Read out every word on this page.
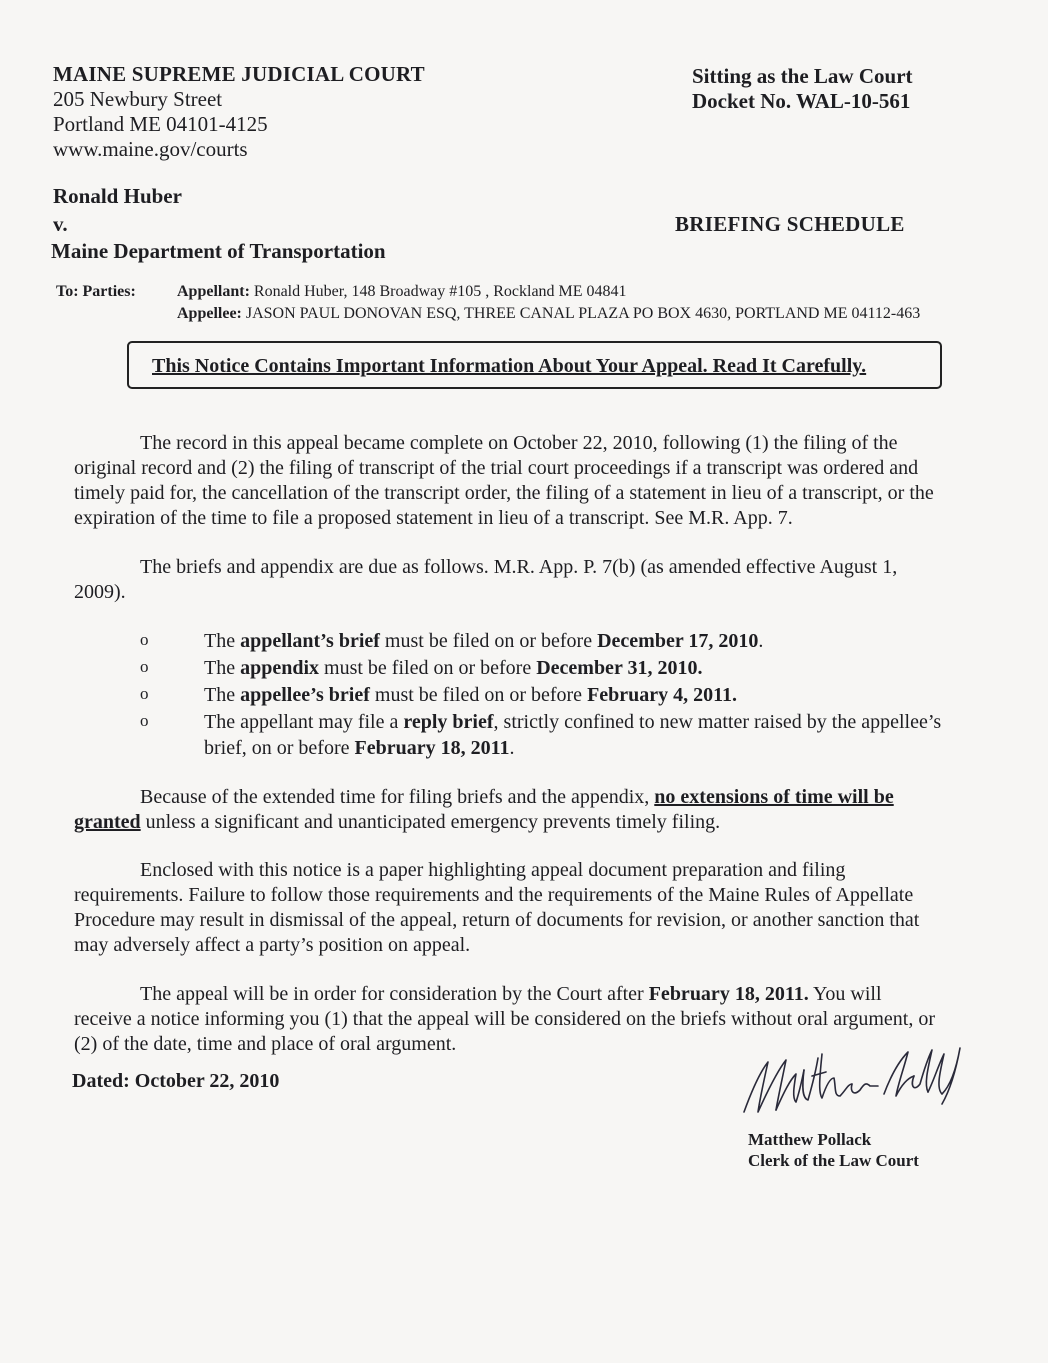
MAINE SUPREME JUDICIAL COURT
205 Newbury Street
Portland ME 04101-4125
www.maine.gov/courts
Sitting as the Law Court
Docket No. WAL-10-561
Ronald Huber
v.
Maine Department of Transportation
BRIEFING SCHEDULE
To: Parties:	Appellant: Ronald Huber, 148 Broadway #105 , Rockland ME 04841
Appellee: JASON PAUL DONOVAN ESQ, THREE CANAL PLAZA PO BOX 4630, PORTLAND ME 04112-463
This Notice Contains Important Information About Your Appeal. Read It Carefully.
The record in this appeal became complete on October 22, 2010, following (1) the filing of the
original record and (2) the filing of transcript of the trial court proceedings if a transcript was ordered and
timely paid for, the cancellation of the transcript order, the filing of a statement in lieu of a transcript, or the
expiration of the time to file a proposed statement in lieu of a transcript. See M.R. App. 7.
The briefs and appendix are due as follows. M.R. App. P. 7(b) (as amended effective August 1,
2009).
o	The appellant’s brief must be filed on or before December 17, 2010.
o	The appendix must be filed on or before December 31, 2010.
o	The appellee’s brief must be filed on or before February 4, 2011.
o	The appellant may file a reply brief, strictly confined to new matter raised by the appellee’s
brief, on or before February 18, 2011.
Because of the extended time for filing briefs and the appendix, no extensions of time will be
granted unless a significant and unanticipated emergency prevents timely filing.
Enclosed with this notice is a paper highlighting appeal document preparation and filing
requirements. Failure to follow those requirements and the requirements of the Maine Rules of Appellate
Procedure may result in dismissal of the appeal, return of documents for revision, or another sanction that
may adversely affect a party’s position on appeal.
The appeal will be in order for consideration by the Court after February 18, 2011. You will
receive a notice informing you (1) that the appeal will be considered on the briefs without oral argument, or
(2) of the date, time and place of oral argument.
Dated: October 22, 2010
Matthew Pollack
Clerk of the Law Court
